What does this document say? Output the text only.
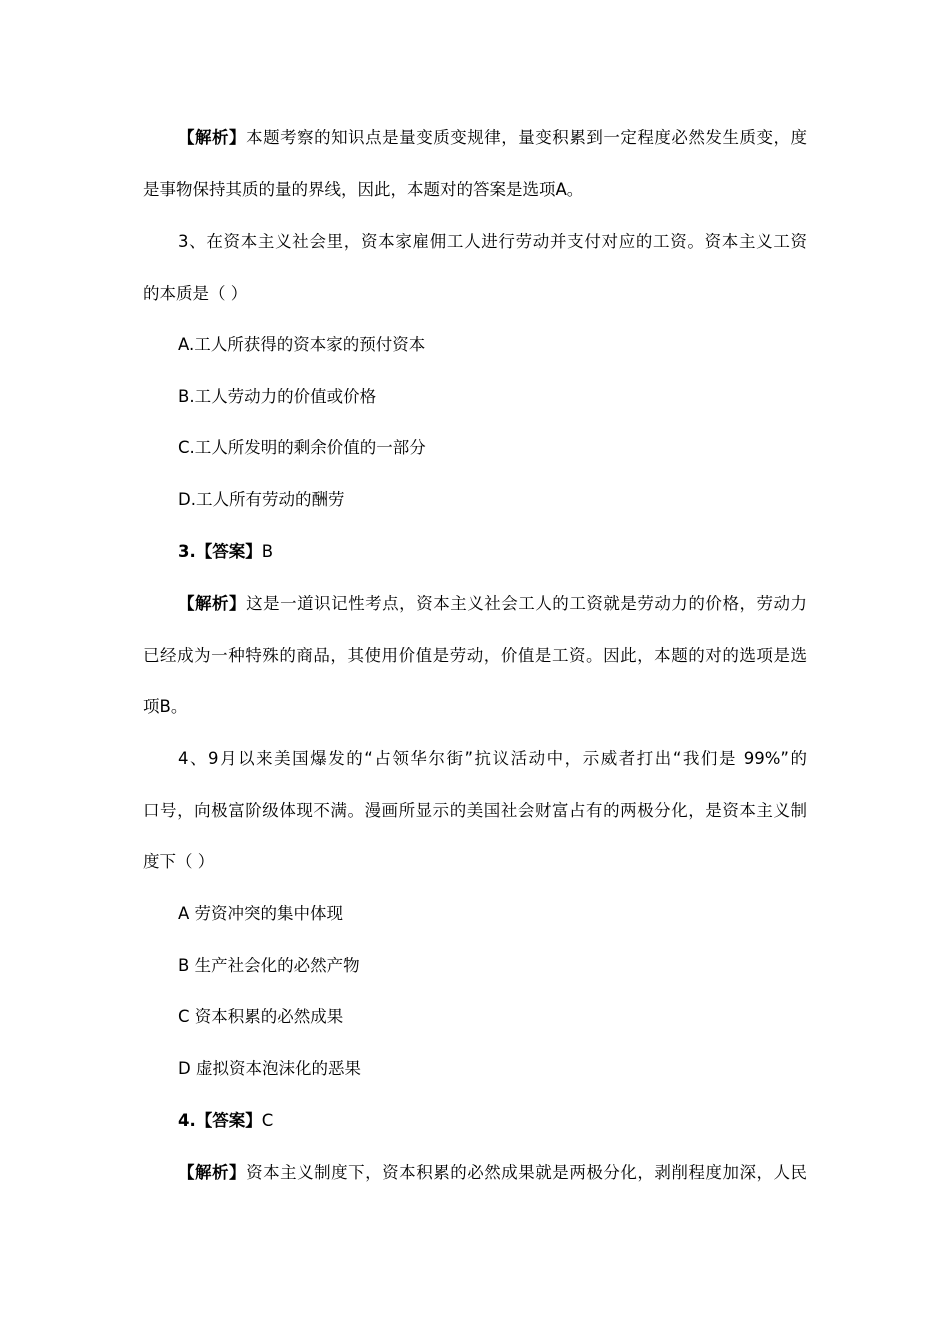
【解析】本题考察的知识点是量变质变规律，量变积累到一定程度必然发生质变，度
是事物保持其质的量的界线，因此，本题对的答案是选项A。
3、在资本主义社会里，资本家雇佣工人进行劳动并支付对应的工资。资本主义工资
的本质是（ ）
A.工人所获得的资本家的预付资本
B.工人劳动力的价值或价格
C.工人所发明的剩余价值的一部分
D.工人所有劳动的酬劳
3.【答案】B
【解析】这是一道识记性考点，资本主义社会工人的工资就是劳动力的价格，劳动力
已经成为一种特殊的商品，其使用价值是劳动，价值是工资。因此，本题的对的选项是选
项B。
4、9月以来美国爆发的“占领华尔街”抗议活动中，示威者打出“我们是 99%”的
口号，向极富阶级体现不满。漫画所显示的美国社会财富占有的两极分化，是资本主义制
度下（ ）
A 劳资冲突的集中体现
B 生产社会化的必然产物
C 资本积累的必然成果
D 虚拟资本泡沫化的恶果
4.【答案】C
【解析】资本主义制度下，资本积累的必然成果就是两极分化，剥削程度加深，人民
